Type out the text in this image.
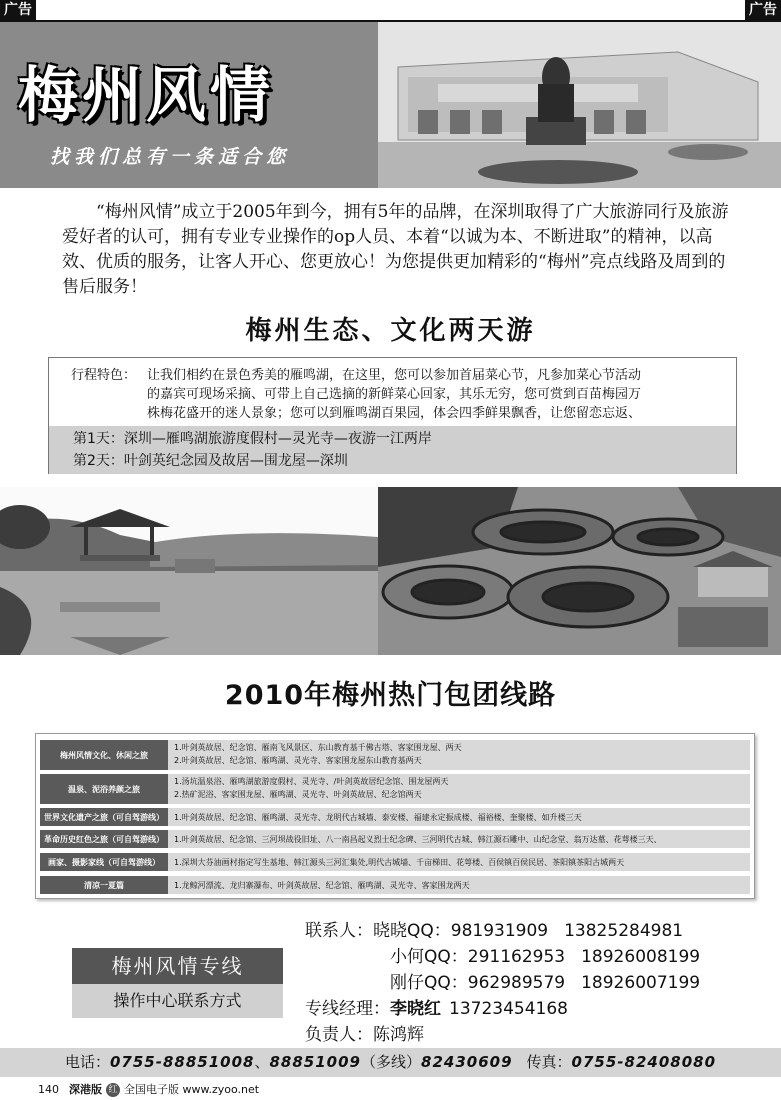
广告	广告
梅州风情
找我们总有一条适合您

“梅州风情”成立于2005年到今，拥有5年的品牌，在深圳取得了广大旅游同行及旅游爱好者的认可，拥有专业专业操作的op人员、本着“以诚为本、不断进取”的精神，以高效、优质的服务，让客人开心、您更放心！为您提供更加精彩的“梅州”亮点线路及周到的售后服务！

梅州生态、文化两天游
行程特色： 让我们相约在景色秀美的雁鸣湖，在这里，您可以参加首届菜心节，凡参加菜心节活动
的嘉宾可现场采摘、可带上自己选摘的新鲜菜心回家，其乐无穷，您可赏到百苗梅园万
株梅花盛开的迷人景象；您可以到雁鸣湖百果园，体会四季鲜果飘香，让您留恋忘返、
第1天：深圳—雁鸣湖旅游度假村—灵光寺—夜游一江两岸
第2天：叶剑英纪念园及故居—围龙屋—深圳
2010年梅州热门包团线路
梅州风情文化、休闲之旅
1.叶剑英故居、纪念馆、雁南飞风景区、东山教育基千佛古塔、客家围龙屋、两天
2.叶剑英故居、纪念馆、雁鸣湖、灵光寺、客家围龙屋东山教育基两天
温泉、泥浴养颜之旅
1.汤坑温泉浴、雁鸣湖旅游度假村、灵光寺、/叶剑英故居纪念馆、围龙屋两天
2.热矿泥浴、客家围龙屋、雁鸣湖、灵光寺、叶剑英故居、纪念馆两天
世界文化遗产之旅（可自驾游线）	1.叶剑英故居、纪念馆、雁鸣湖、灵光寺、龙明代古城墙、泰安楼、福建永定振成楼、福裕楼、奎聚楼、如升楼三天
革命历史红色之旅（可自驾游线）	1.叶剑英故居、纪念馆、三河坝战役旧址、八一南昌起义烈士纪念碑、三河明代古城、韩江源石雕中、山纪念堂、翁万达墓、花萼楼三天、
画家、摄影家线（可自驾游线）	1.深圳大芬油画村指定写生基地、韩江源头三河汇集处,明代古城墙、千亩梯田、花萼楼、百侯镇百侯民居、茶阳镇茶阳古城两天
清凉一夏篇	1.龙鲸河漂流、龙归寨瀑布、叶剑英故居、纪念馆、雁鸣湖、灵光寺、客家围龙两天
梅州风情专线
操作中心联系方式
联系人：晓晓QQ：981931909 13825284981
小何QQ：291162953 18926008199
刚仔QQ：962989579 18926007199
专线经理：李晓红 13723454168
负责人：陈鸿辉
电话：0755-88851008、88851009（多线）82430609 传真：0755-82408080
140 深港版 红 全国电子版 www.zyoo.net
